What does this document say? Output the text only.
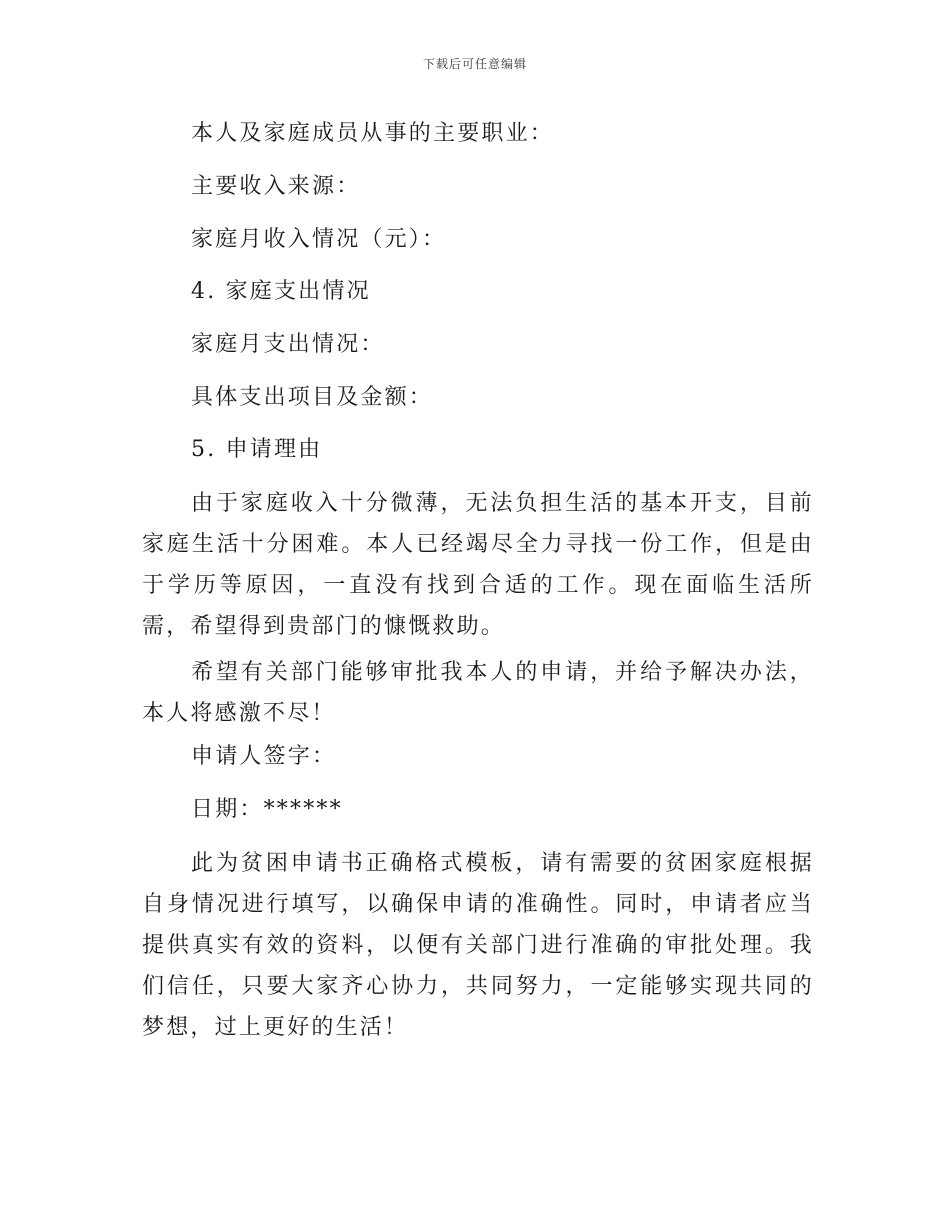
下载后可任意编辑
本人及家庭成员从事的主要职业：
主要收入来源：
家庭月收入情况（元）：
4. 家庭支出情况
家庭月支出情况：
具体支出项目及金额：
5. 申请理由
由于家庭收入十分微薄，无法负担生活的基本开支，目前家庭生活十分困难。本人已经竭尽全力寻找一份工作，但是由于学历等原因，一直没有找到合适的工作。现在面临生活所需，希望得到贵部门的慷慨救助。
希望有关部门能够审批我本人的申请，并给予解决办法，本人将感激不尽！
申请人签字：
日期：******
此为贫困申请书正确格式模板，请有需要的贫困家庭根据自身情况进行填写，以确保申请的准确性。同时，申请者应当提供真实有效的资料，以便有关部门进行准确的审批处理。我们信任，只要大家齐心协力，共同努力，一定能够实现共同的梦想，过上更好的生活！
